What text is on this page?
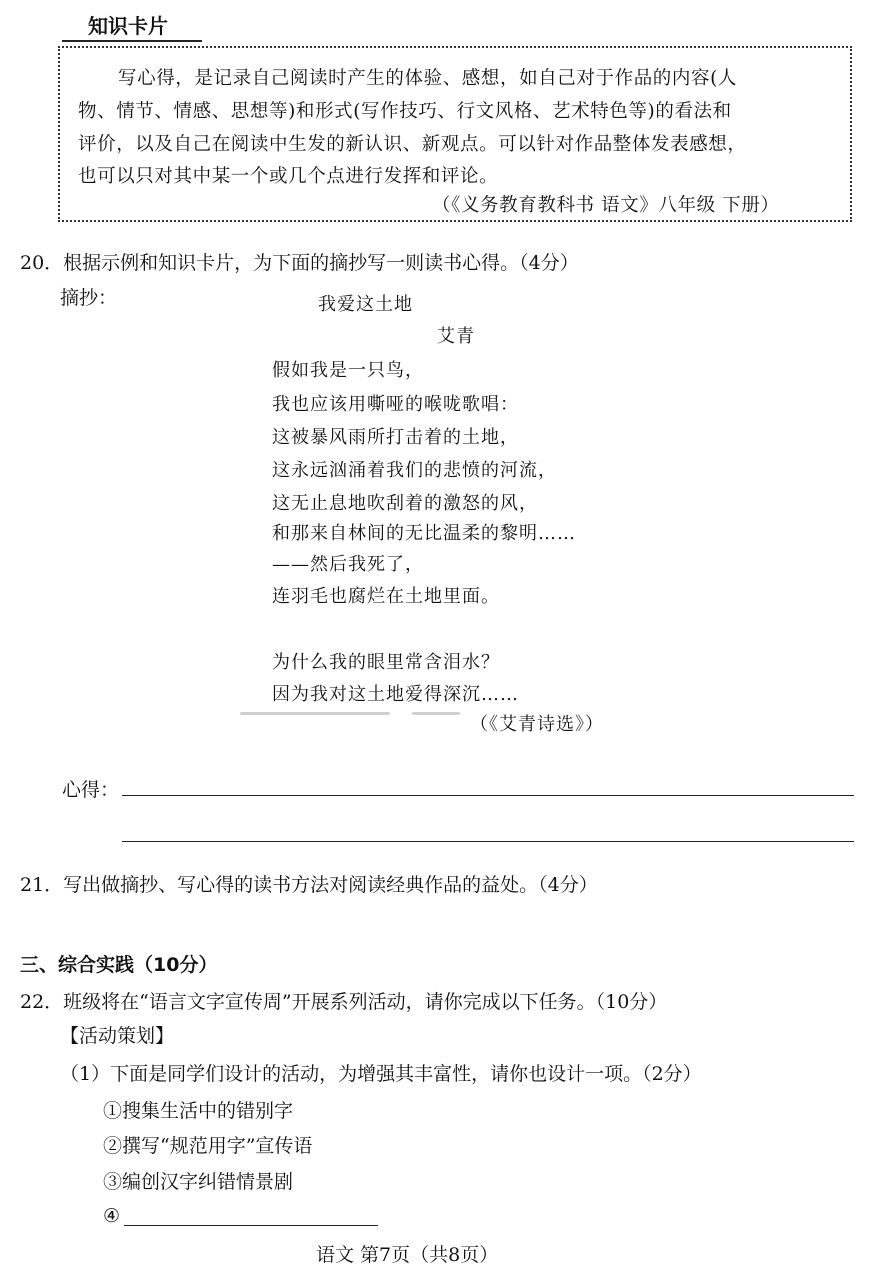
知识卡片
写心得，是记录自己阅读时产生的体验、感想，如自己对于作品的内容(人
物、情节、情感、思想等)和形式(写作技巧、行文风格、艺术特色等)的看法和
评价，以及自己在阅读中生发的新认识、新观点。可以针对作品整体发表感想，
也可以只对其中某一个或几个点进行发挥和评论。
（《义务教育教科书 语文》八年级 下册）
20．根据示例和知识卡片，为下面的摘抄写一则读书心得。（4分）
摘抄：	我爱这土地
艾青
假如我是一只鸟，
我也应该用嘶哑的喉咙歌唱：
这被暴风雨所打击着的土地，
这永远汹涌着我们的悲愤的河流，
这无止息地吹刮着的激怒的风，
和那来自林间的无比温柔的黎明……
——然后我死了，
连羽毛也腐烂在土地里面。
为什么我的眼里常含泪水？
因为我对这土地爱得深沉……
（《艾青诗选》）
心得：
21．写出做摘抄、写心得的读书方法对阅读经典作品的益处。（4分）
三、综合实践（10分）
22．班级将在“语言文字宣传周”开展系列活动，请你完成以下任务。（10分）
【活动策划】
（1）下面是同学们设计的活动，为增强其丰富性，请你也设计一项。（2分）
①搜集生活中的错别字
②撰写“规范用字”宣传语
③编创汉字纠错情景剧
④
语文 第7页（共8页）
